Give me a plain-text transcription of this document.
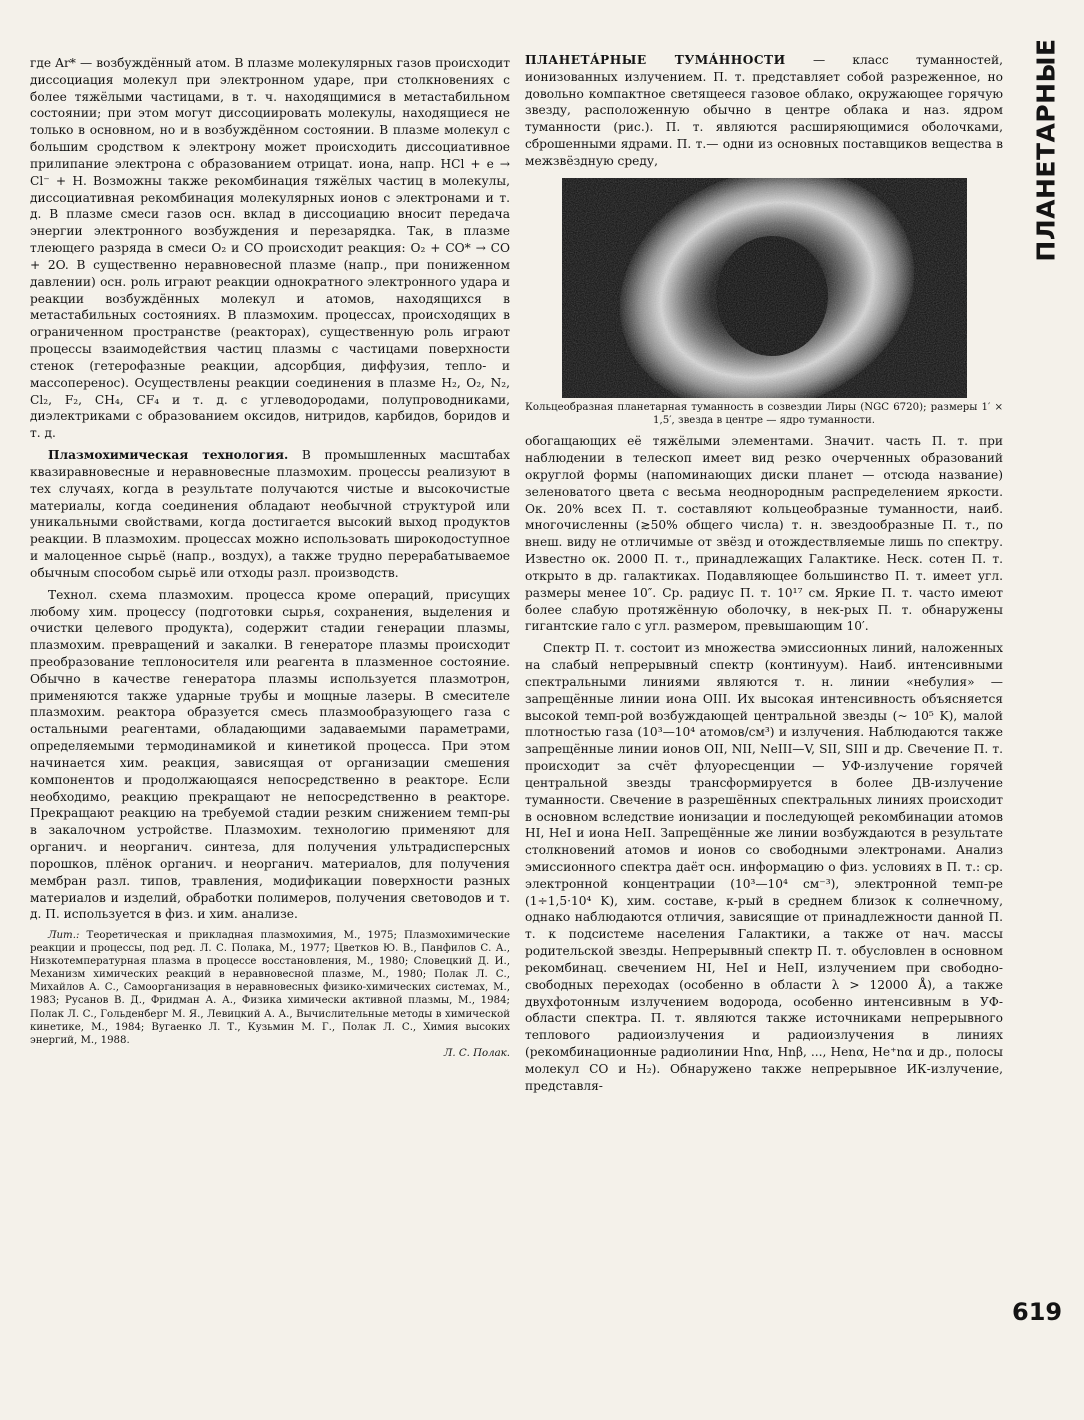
ПЛАНЕТАРНЫЕ

где Ar* — возбуждённый атом. В плазме молекулярных газов происходит диссоциация молекул при электронном ударе, при столкновениях с более тяжёлыми частицами, в т. ч. находящимися в метастабильном состоянии; при этом могут диссоциировать молекулы, находящиеся не только в основном, но и в возбуждённом состоянии. В плазме молекул с большим сродством к электрону может происходить диссоциативное прилипание электрона с образованием отрицат. иона, напр. HCl + e → Cl⁻ + H. Возможны также рекомбинация тяжёлых частиц в молекулы, диссоциативная рекомбинация молекулярных ионов с электронами и т. д. В плазме смеси газов осн. вклад в диссоциацию вносит передача энергии электронного возбуждения и перезарядка. Так, в плазме тлеющего разряда в смеси O₂ и CO происходит реакция: O₂ + CO* → CO + 2O. В существенно неравновесной плазме (напр., при пониженном давлении) осн. роль играют реакции однократного электронного удара и реакции возбуждённых молекул и атомов, находящихся в метастабильных состояниях. В плазмохим. процессах, происходящих в ограниченном пространстве (реакторах), существенную роль играют процессы взаимодействия частиц плазмы с частицами поверхности стенок (гетерофазные реакции, адсорбция, диффузия, тепло- и массоперенос). Осуществлены реакции соединения в плазме H₂, O₂, N₂, Cl₂, F₂, CH₄, CF₄ и т. д. с углеводородами, полупроводниками, диэлектриками с образованием оксидов, нитридов, карбидов, боридов и т. д.

Плазмохимическая технология. В промышленных масштабах квазиравновесные и неравновесные плазмохим. процессы реализуют в тех случаях, когда в результате получаются чистые и высокочистые материалы, когда соединения обладают необычной структурой или уникальными свойствами, когда достигается высокий выход продуктов реакции. В плазмохим. процессах можно использовать широкодоступное и малоценное сырьё (напр., воздух), а также трудно перерабатываемое обычным способом сырьё или отходы разл. производств.

Технол. схема плазмохим. процесса кроме операций, присущих любому хим. процессу (подготовки сырья, сохранения, выделения и очистки целевого продукта), содержит стадии генерации плазмы, плазмохим. превращений и закалки. В генераторе плазмы происходит преобразование теплоносителя или реагента в плазменное состояние. Обычно в качестве генератора плазмы используется плазмотрон, применяются также ударные трубы и мощные лазеры. В смесителе плазмохим. реактора образуется смесь плазмообразующего газа с остальными реагентами, обладающими задаваемыми параметрами, определяемыми термодинамикой и кинетикой процесса. При этом начинается хим. реакция, зависящая от организации смешения компонентов и продолжающаяся непосредственно в реакторе. Если необходимо, реакцию прекращают не непосредственно в реакторе. Прекращают реакцию на требуемой стадии резким снижением темп-ры в закалочном устройстве. Плазмохим. технологию применяют для органич. и неорганич. синтеза, для получения ультрадисперсных порошков, плёнок органич. и неорганич. материалов, для получения мембран разл. типов, травления, модификации поверхности разных материалов и изделий, обработки полимеров, получения световодов и т. д. П. используется в физ. и хим. анализе.

Лит.: Теоретическая и прикладная плазмохимия, М., 1975; Плазмохимические реакции и процессы, под ред. Л. С. Полака, М., 1977; Цветков Ю. В., Панфилов С. А., Низкотемпературная плазма в процессе восстановления, М., 1980; Словецкий Д. И., Механизм химических реакций в неравновесной плазме, М., 1980; Полак Л. С., Михайлов А. С., Самоорганизация в неравновесных физико-химических системах, М., 1983; Русанов В. Д., Фридман А. А., Физика химически активной плазмы, М., 1984; Полак Л. С., Гольденберг М. Я., Левицкий А. А., Вычислительные методы в химической кинетике, М., 1984; Вугаенко Л. Т., Кузьмин М. Г., Полак Л. С., Химия высоких энергий, М., 1988.
Л. С. Полак.

ПЛАНЕТÁРНЫЕ ТУМÁННОСТИ — класс туманностей, ионизованных излучением. П. т. представляет собой разреженное, но довольно компактное светящееся газовое облако, окружающее горячую звезду, расположенную обычно в центре облака и наз. ядром туманности (рис.). П. т. являются расширяющимися оболочками, сброшенными ядрами. П. т.— одни из основных поставщиков вещества в межзвёздную среду,

Кольцеобразная планетарная туманность в созвездии Лиры (NGC 6720); размеры 1′ × 1,5′, звезда в центре — ядро туманности.

обогащающих её тяжёлыми элементами. Значит. часть П. т. при наблюдении в телескоп имеет вид резко очерченных образований округлой формы (напоминающих диски планет — отсюда название) зеленоватого цвета с весьма неоднородным распределением яркости. Ок. 20% всех П. т. составляют кольцеобразные туманности, наиб. многочисленны (≳50% общего числа) т. н. звездообразные П. т., по внеш. виду не отличимые от звёзд и отождествляемые лишь по спектру. Известно ок. 2000 П. т., принадлежащих Галактике. Неск. сотен П. т. открыто в др. галактиках. Подавляющее большинство П. т. имеет угл. размеры менее 10″. Ср. радиус П. т. 10¹⁷ см. Яркие П. т. часто имеют более слабую протяжённую оболочку, в нек-рых П. т. обнаружены гигантские гало с угл. размером, превышающим 10′.

Спектр П. т. состоит из множества эмиссионных линий, наложенных на слабый непрерывный спектр (континуум). Наиб. интенсивными спектральными линиями являются т. н. линии «небулия» — запрещённые линии иона OIII. Их высокая интенсивность объясняется высокой темп-рой возбуждающей центральной звезды (~ 10⁵ K), малой плотностью газа (10³—10⁴ атомов/см³) и излучения. Наблюдаются также запрещённые линии ионов OII, NII, NeIII—V, SII, SIII и др. Свечение П. т. происходит за счёт флуоресценции — УФ-излучение горячей центральной звезды трансформируется в более ДВ-излучение туманности. Свечение в разрешённых спектральных линиях происходит в основном вследствие ионизации и последующей рекомбинации атомов HI, HeI и иона HeII. Запрещённые же линии возбуждаются в результате столкновений атомов и ионов со свободными электронами. Анализ эмиссионного спектра даёт осн. информацию о физ. условиях в П. т.: ср. электронной концентрации (10³—10⁴ см⁻³), электронной темп-ре (1÷1,5·10⁴ K), хим. составе, к-рый в среднем близок к солнечному, однако наблюдаются отличия, зависящие от принадлежности данной П. т. к подсистеме населения Галактики, а также от нач. массы родительской звезды. Непрерывный спектр П. т. обусловлен в основном рекомбинац. свечением HI, HeI и HeII, излучением при свободно-свободных переходах (особенно в области λ > 12000 Å), а также двухфотонным излучением водорода, особенно интенсивным в УФ-области спектра. П. т. являются также источниками непрерывного теплового радиоизлучения и радиоизлучения в линиях (рекомбинационные радиолинии Hnα, Hnβ, ..., Henα, He⁺nα и др., полосы молекул CO и H₂). Обнаружено также непрерывное ИК-излучение, представля-

619
